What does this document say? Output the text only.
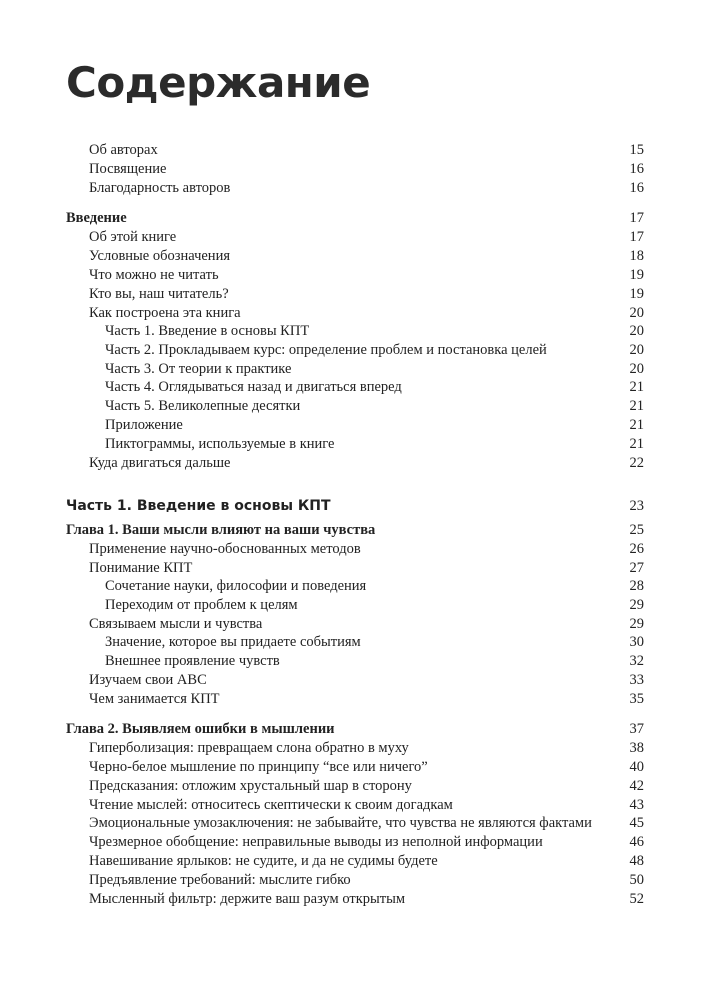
Содержание
Об авторах	15
Посвящение	16
Благодарность авторов	16
Введение	17
Об этой книге	17
Условные обозначения	18
Что можно не читать	19
Кто вы, наш читатель?	19
Как построена эта книга	20
Часть 1. Введение в основы КПТ	20
Часть 2. Прокладываем курс: определение проблем и постановка целей	20
Часть 3. От теории к практике	20
Часть 4. Оглядываться назад и двигаться вперед	21
Часть 5. Великолепные десятки	21
Приложение	21
Пиктограммы, используемые в книге	21
Куда двигаться дальше	22
Часть 1. Введение в основы КПТ	23
Глава 1. Ваши мысли влияют на ваши чувства	25
Применение научно-обоснованных методов	26
Понимание КПТ	27
Сочетание науки, философии и поведения	28
Переходим от проблем к целям	29
Связываем мысли и чувства	29
Значение, которое вы придаете событиям	30
Внешнее проявление чувств	32
Изучаем свои ABC	33
Чем занимается КПТ	35
Глава 2. Выявляем ошибки в мышлении	37
Гиперболизация: превращаем слона обратно в муху	38
Черно-белое мышление по принципу “все или ничего”	40
Предсказания: отложим хрустальный шар в сторону	42
Чтение мыслей: относитесь скептически к своим догадкам	43
Эмоциональные умозаключения: не забывайте, что чувства не являются фактами	45
Чрезмерное обобщение: неправильные выводы из неполной информации	46
Навешивание ярлыков: не судите, и да не судимы будете	48
Предъявление требований: мыслите гибко	50
Мысленный фильтр: держите ваш разум открытым	52
